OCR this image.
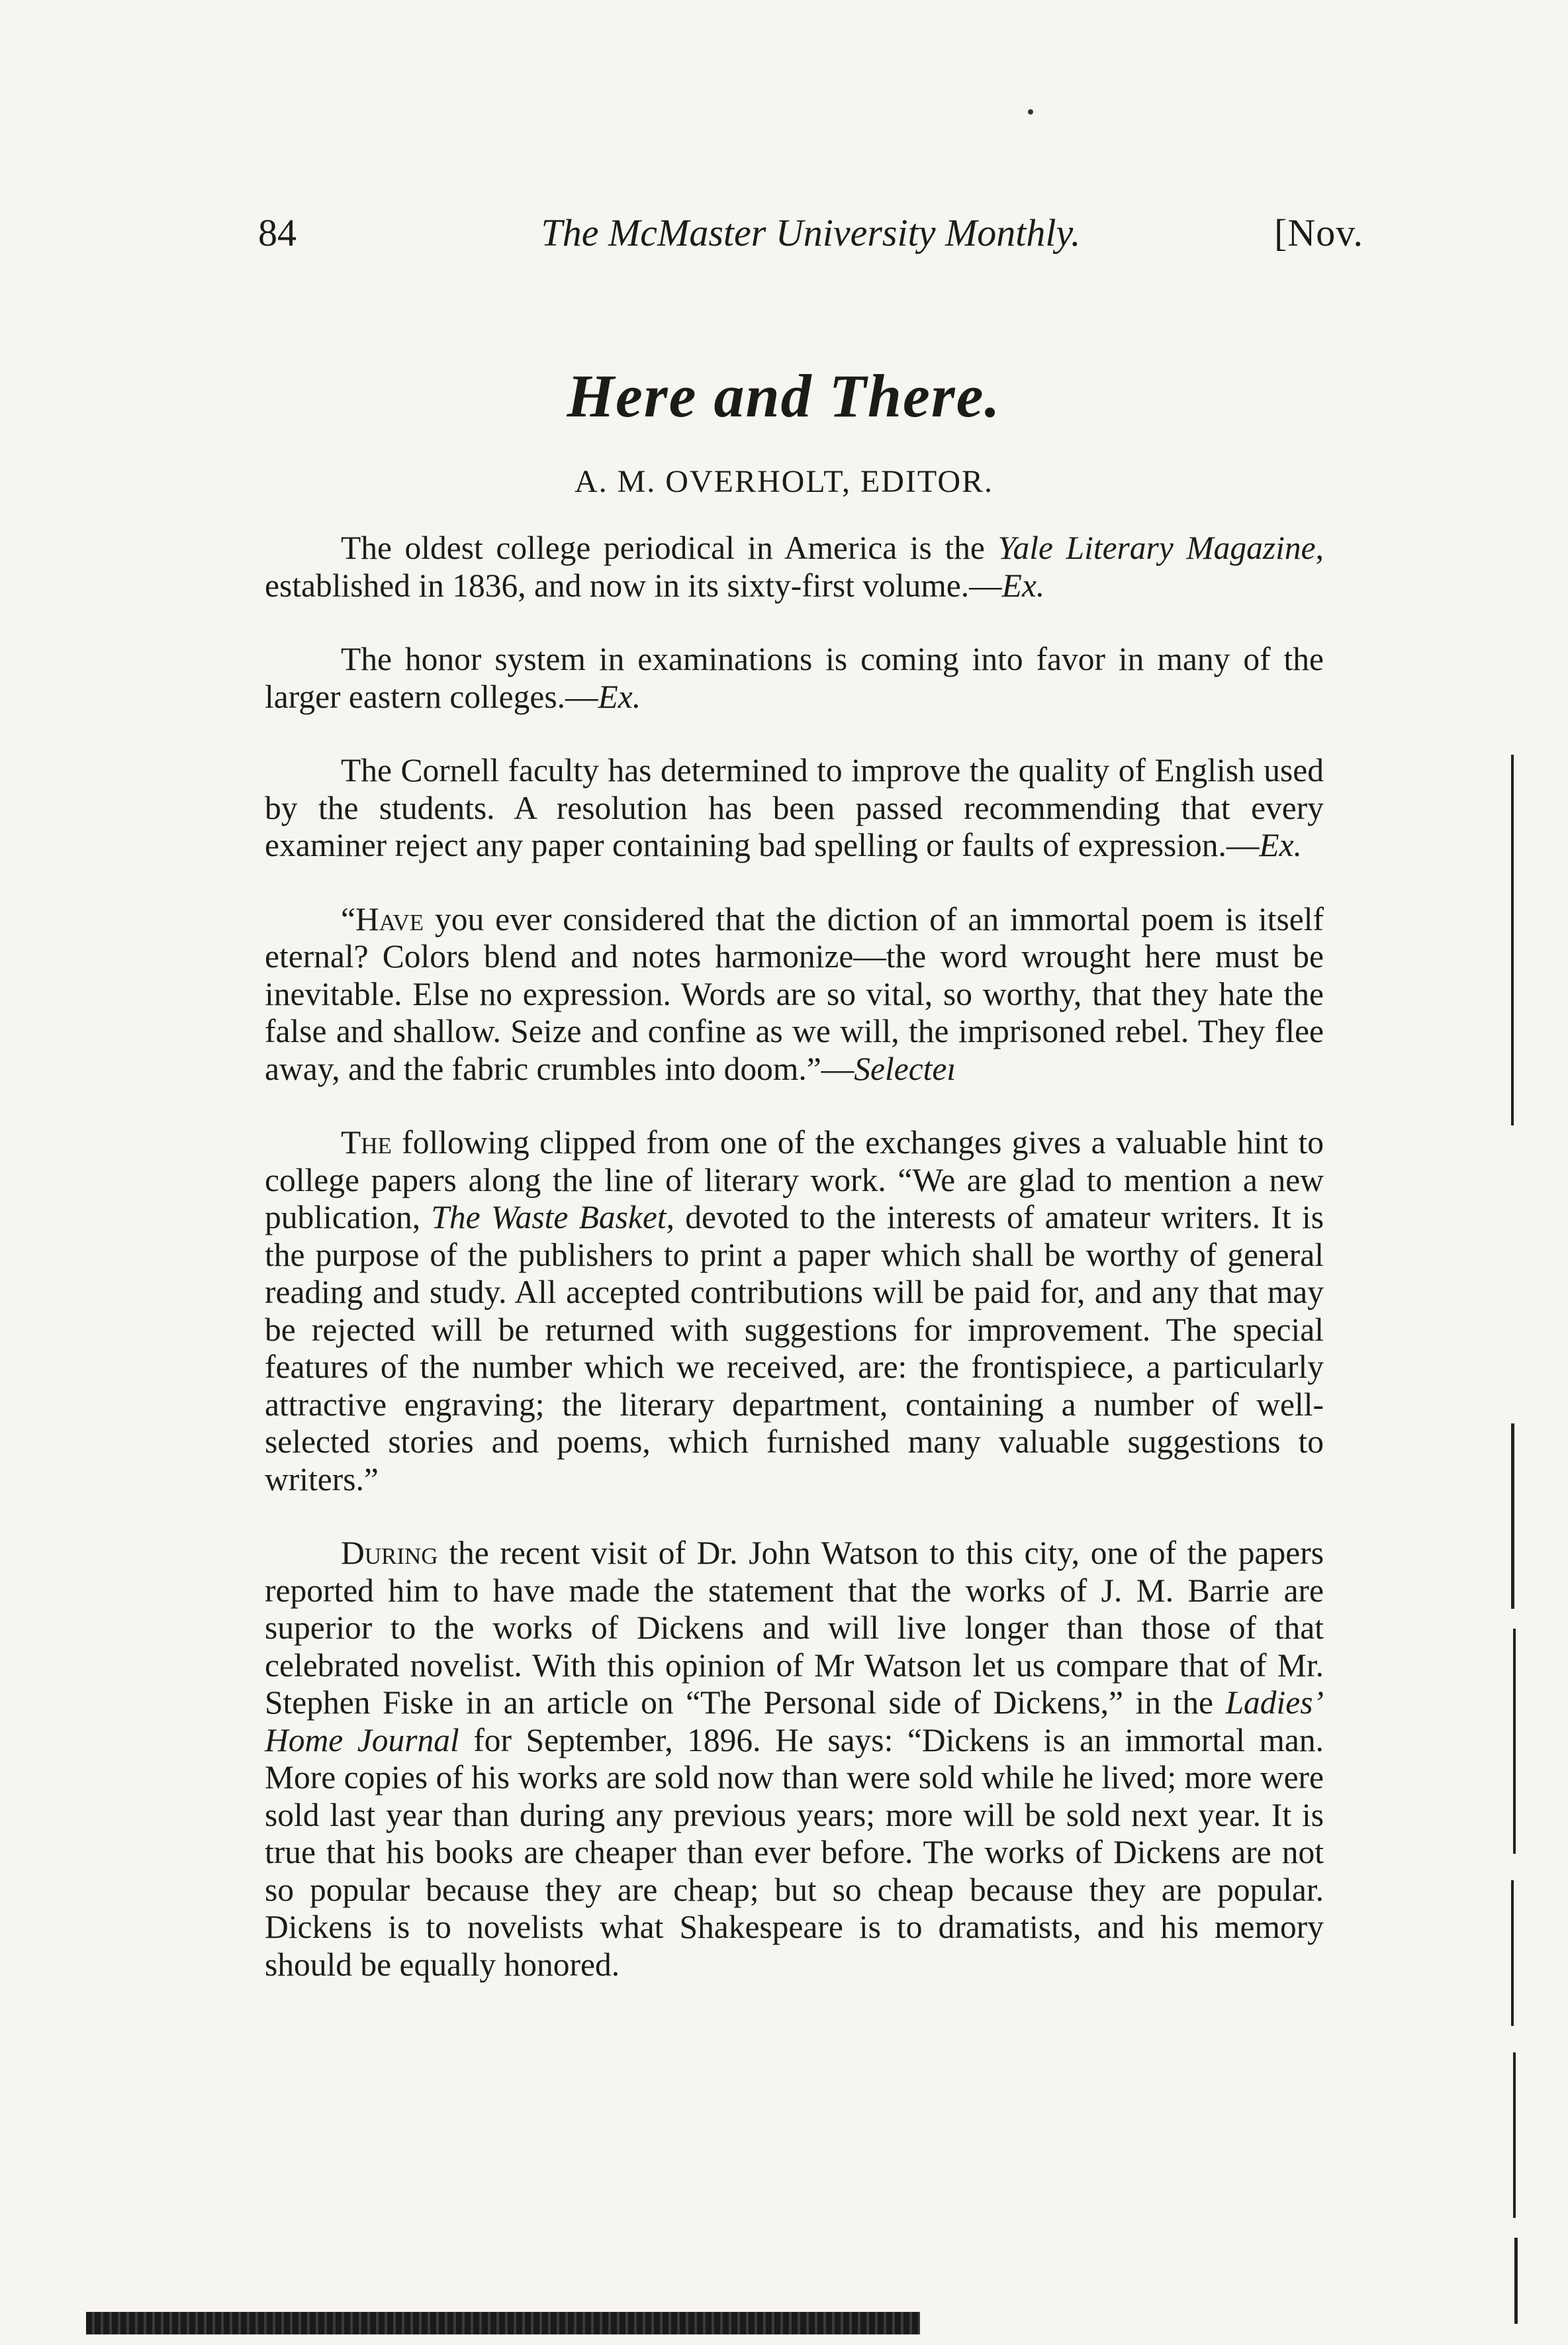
84	The McMaster University Monthly.	[Nov.
Here and There.
A. M. OVERHOLT, EDITOR.

The oldest college periodical in America is the Yale Literary Magazine, established in 1836, and now in its sixty-first volume.—Ex.

The honor system in examinations is coming into favor in many of the larger eastern colleges.—Ex.

The Cornell faculty has determined to improve the quality of English used by the students. A resolution has been passed recommending that every examiner reject any paper containing bad spelling or faults of expression.—Ex.

“Have you ever considered that the diction of an immortal poem is itself eternal? Colors blend and notes harmonize—the word wrought here must be inevitable. Else no expression. Words are so vital, so worthy, that they hate the false and shallow. Seize and confine as we will, the imprisoned rebel. They flee away, and the fabric crumbles into doom.”—Selecteı

The following clipped from one of the exchanges gives a valuable hint to college papers along the line of literary work. “We are glad to mention a new publication, The Waste Basket, devoted to the interests of amateur writers. It is the purpose of the publishers to print a paper which shall be worthy of general reading and study. All accepted contributions will be paid for, and any that may be rejected will be returned with suggestions for improvement. The special features of the number which we received, are: the frontispiece, a particularly attractive engraving; the literary department, containing a number of well-selected stories and poems, which furnished many valuable suggestions to writers.”

During the recent visit of Dr. John Watson to this city, one of the papers reported him to have made the statement that the works of J. M. Barrie are superior to the works of Dickens and will live longer than those of that celebrated novelist. With this opinion of Mr Watson let us compare that of Mr. Stephen Fiske in an article on “The Personal side of Dickens,” in the Ladies’ Home Journal for September, 1896. He says: “Dickens is an immortal man. More copies of his works are sold now than were sold while he lived; more were sold last year than during any previous years; more will be sold next year. It is true that his books are cheaper than ever before. The works of Dickens are not so popular because they are cheap; but so cheap because they are popular. Dickens is to novelists what Shakespeare is to dramatists, and his memory should be equally honored.
